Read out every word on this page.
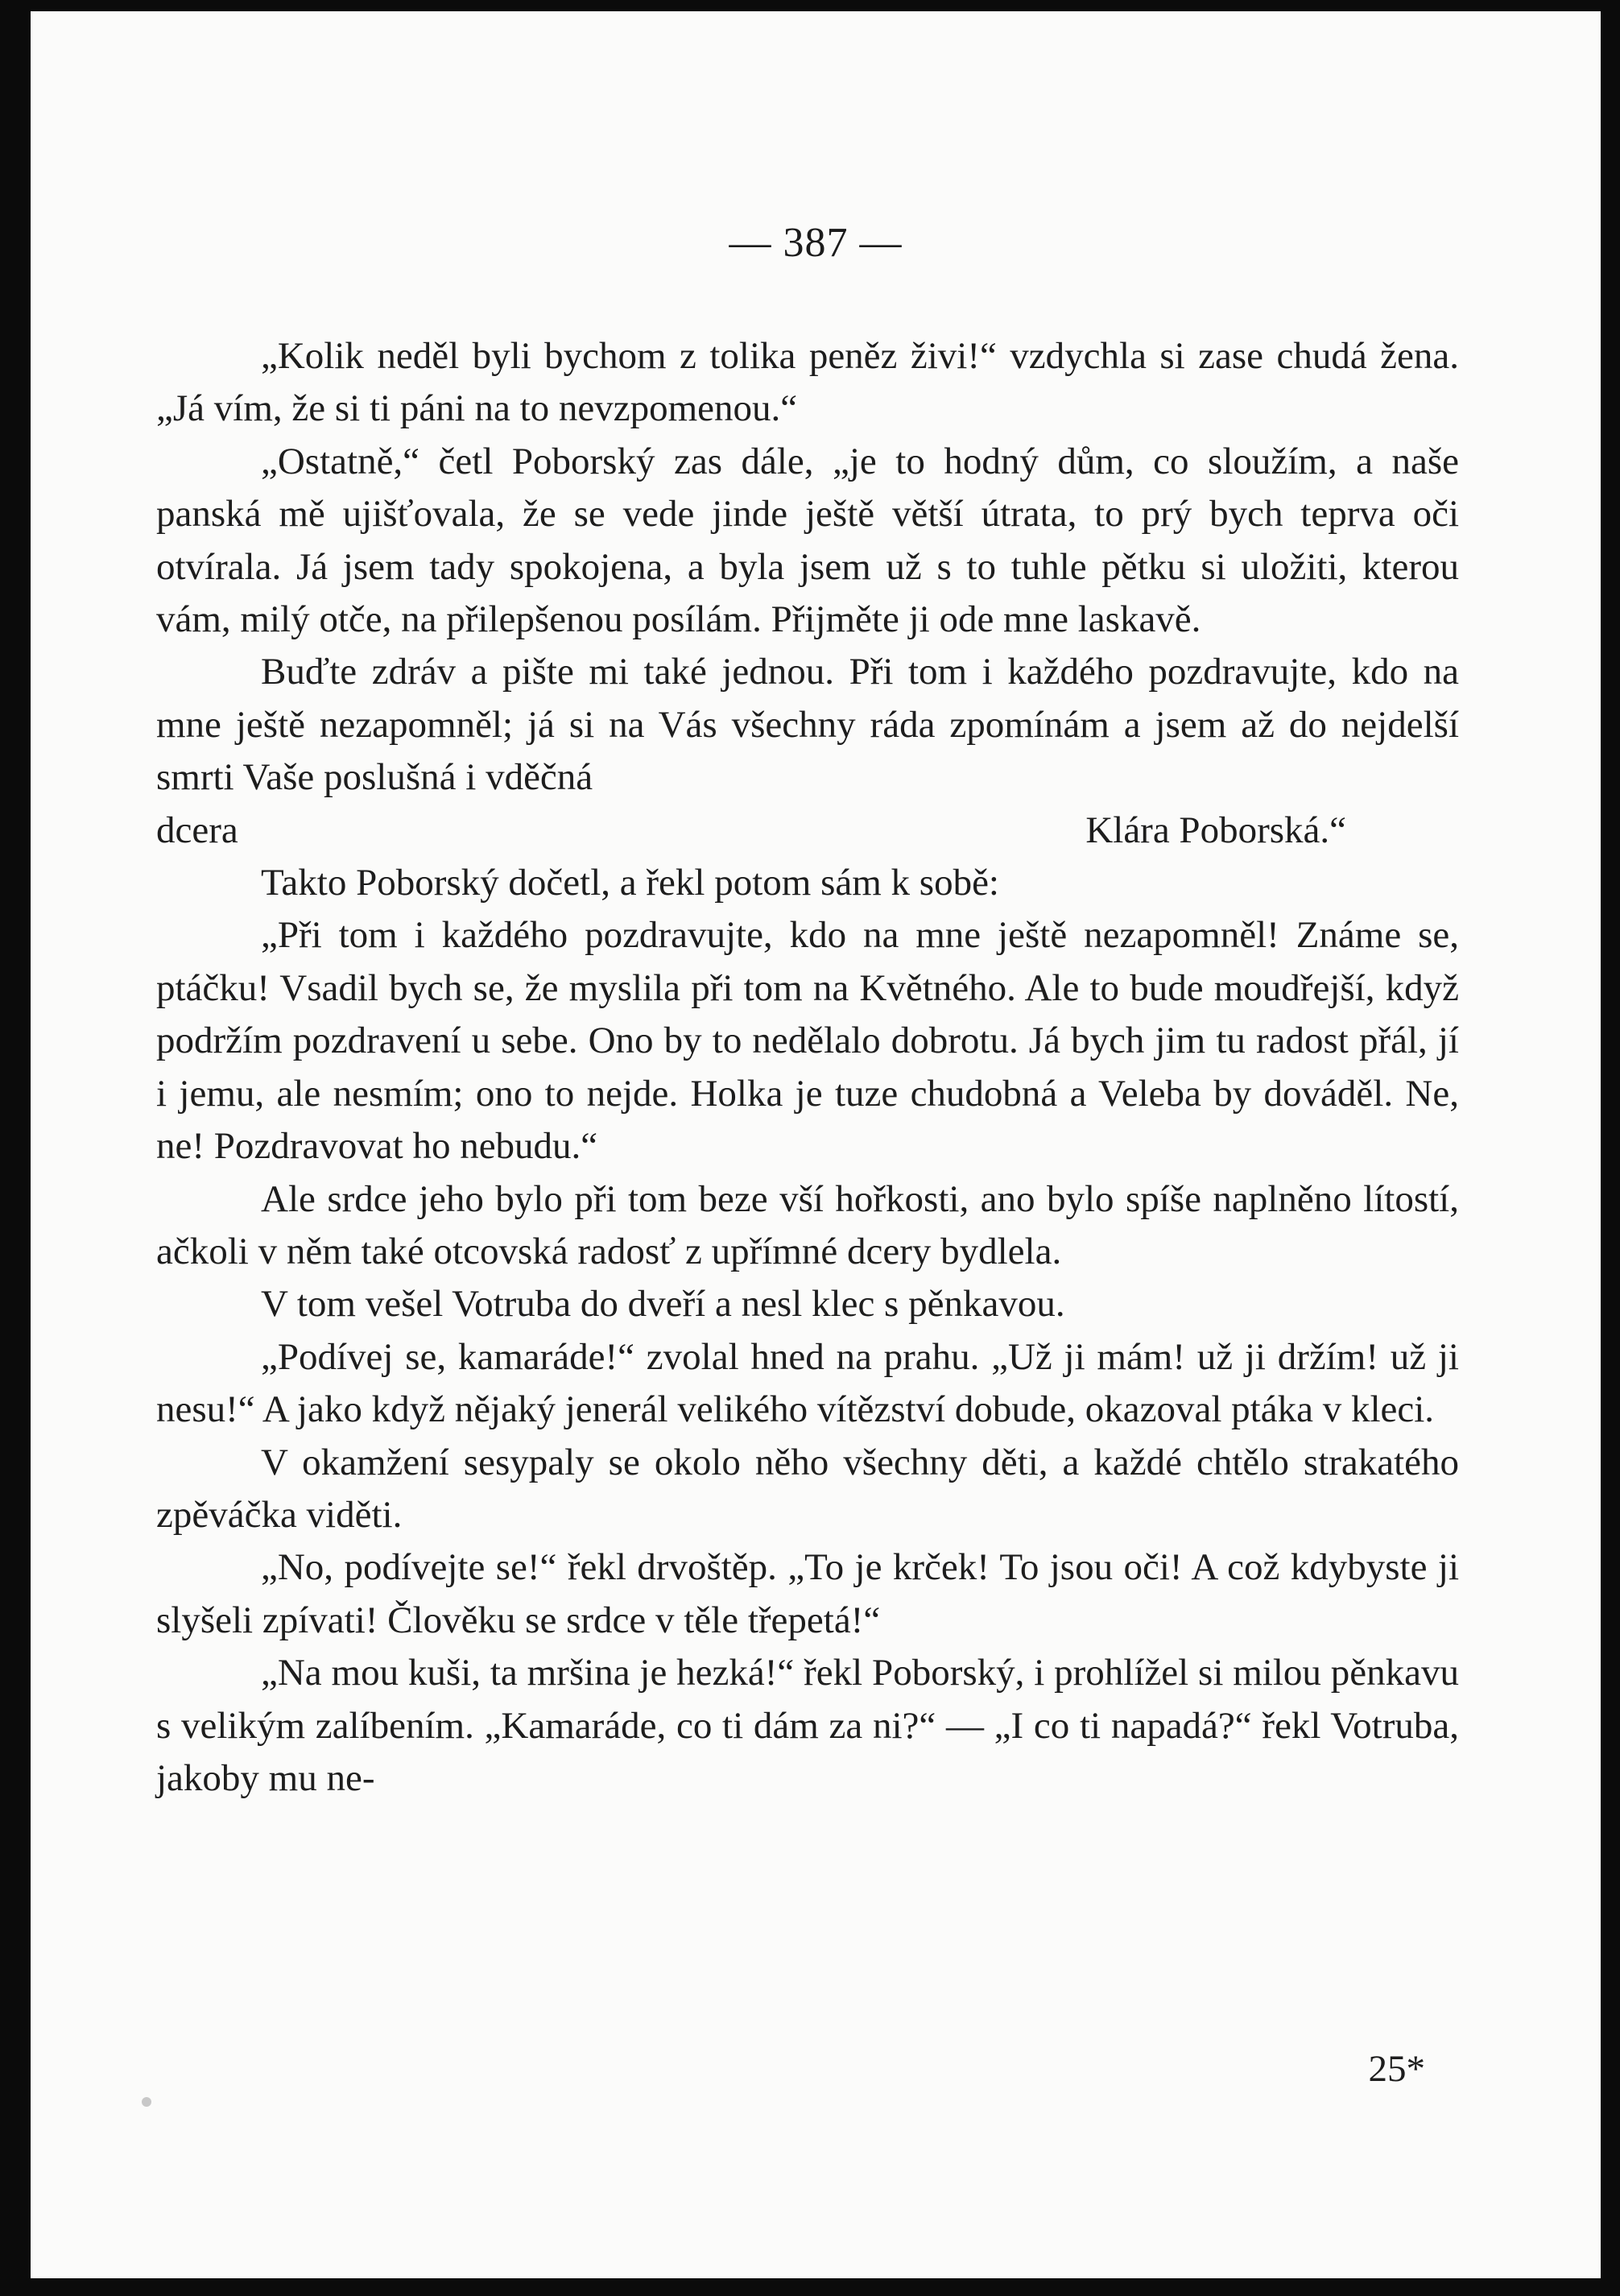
— 387 —

„Kolik neděl byli bychom z tolika peněz živi!“ vzdychla si zase chudá žena. „Já vím, že si ti páni na to nevzpomenou.“

„Ostatně,“ četl Poborský zas dále, „je to hodný dům, co sloužím, a naše panská mě ujišťovala, že se vede jinde ještě větší útrata, to prý bych teprva oči otvírala. Já jsem tady spokojena, a byla jsem už s to tuhle pětku si uložiti, kterou vám, milý otče, na přilepšenou posílám. Přijměte ji ode mne laskavě.

Buďte zdráv a pište mi také jednou. Při tom i každého pozdravujte, kdo na mne ještě nezapomněl; já si na Vás všechny ráda zpomínám a jsem až do nejdelší smrti Vaše poslušná i vděčná

dcera	Klára Poborská.“

Takto Poborský dočetl, a řekl potom sám k sobě:

„Při tom i každého pozdravujte, kdo na mne ještě nezapomněl! Známe se, ptáčku! Vsadil bych se, že myslila při tom na Květného. Ale to bude moudřejší, když podržím pozdravení u sebe. Ono by to nedělalo dobrotu. Já bych jim tu radost přál, jí i jemu, ale nesmím; ono to nejde. Holka je tuze chudobná a Veleba by dováděl. Ne, ne! Pozdravovat ho nebudu.“

Ale srdce jeho bylo při tom beze vší hořkosti, ano bylo spíše naplněno lítostí, ačkoli v něm také otcovská radosť z upřímné dcery bydlela.

V tom vešel Votruba do dveří a nesl klec s pěnkavou.

„Podívej se, kamaráde!“ zvolal hned na prahu. „Už ji mám! už ji držím! už ji nesu!“ A jako když nějaký jenerál velikého vítězství dobude, okazoval ptáka v kleci.

V okamžení sesypaly se okolo něho všechny děti, a každé chtělo strakatého zpěváčka viděti.

„No, podívejte se!“ řekl drvoštěp. „To je krček! To jsou oči! A což kdybyste ji slyšeli zpívati! Člověku se srdce v těle třepetá!“

„Na mou kuši, ta mršina je hezká!“ řekl Poborský, i prohlížel si milou pěnkavu s velikým zalíbením. „Kamaráde, co ti dám za ni?“ — „I co ti napadá?“ řekl Votruba, jakoby mu ne-

25*
